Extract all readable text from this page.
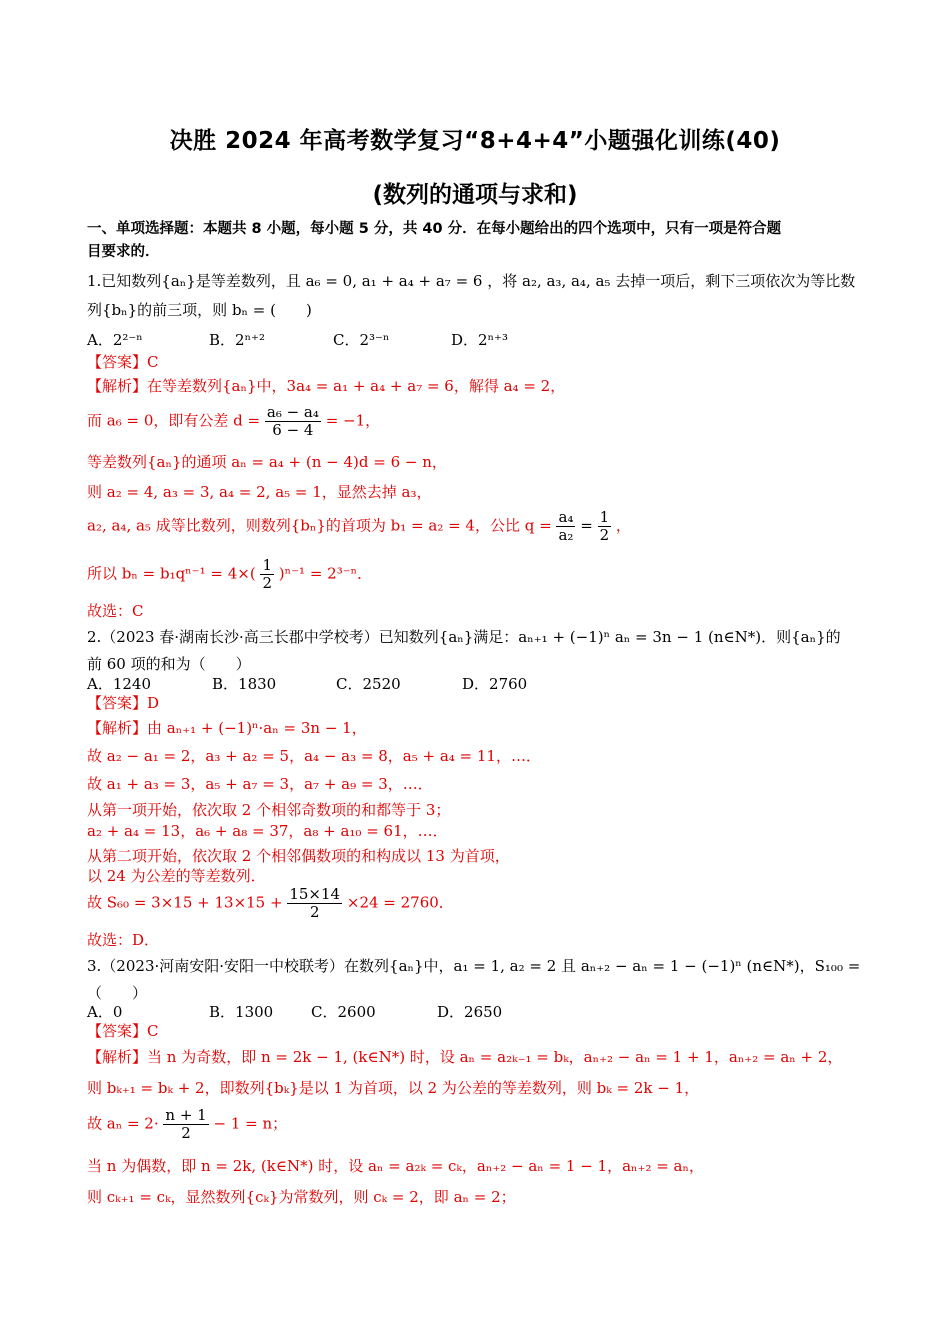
决胜 2024 年高考数学复习“8+4+4”小题强化训练(40)
(数列的通项与求和)
一、单项选择题：本题共 8 小题，每小题 5 分，共 40 分．在每小题给出的四个选项中，只有一项是符合题
目要求的．
1.已知数列{aₙ}是等差数列，且 a₆ = 0, a₁ + a₄ + a₇ = 6 ，将 a₂, a₃, a₄, a₅ 去掉一项后，剩下三项依次为等比数
列{bₙ}的前三项，则 bₙ = (　　)
A．2²⁻ⁿ	B．2ⁿ⁺²	C．2³⁻ⁿ	D．2ⁿ⁺³
【答案】C
【解析】在等差数列{aₙ}中，3a₄ = a₁ + a₄ + a₇ = 6，解得 a₄ = 2，
而 a₆ = 0，即有公差 $d = \frac{\text{a₆ − a₄}}{6 - 4} = -1$，
等差数列{aₙ}的通项 aₙ = a₄ + (n − 4)d = 6 − n，
则 a₂ = 4, a₃ = 3, a₄ = 2, a₅ = 1，显然去掉 a₃，
a₂, a₄, a₅ 成等比数列，则数列{bₙ}的首项为 b₁ = a₂ = 4，公比 $q = \frac{\text{a₄}}{\text{a₂}} = \frac{1}{2}$ ，
所以 $b_n = b_1q^{n-1} = 4\times( \frac{1}{2} )^{n-1} = 2^{3-n}$．
故选：C
2.（2023 春·湖南长沙·高三长郡中学校考）已知数列{aₙ}满足：aₙ₊₁ + (−1)ⁿ aₙ = 3n − 1 (n∈N*)．则{aₙ}的
前 60 项的和为（　　）
A．1240	B．1830	C．2520	D．2760
【答案】D
【解析】由 aₙ₊₁ + (−1)ⁿ·aₙ = 3n − 1，
故 a₂ − a₁ = 2，a₃ + a₂ = 5，a₄ − a₃ = 8，a₅ + a₄ = 11，…．
故 a₁ + a₃ = 3，a₅ + a₇ = 3，a₇ + a₉ = 3，…．
从第一项开始，依次取 2 个相邻奇数项的和都等于 3；
a₂ + a₄ = 13，a₆ + a₈ = 37，a₈ + a₁₀ = 61，…．
从第二项开始，依次取 2 个相邻偶数项的和构成以 13 为首项，
以 24 为公差的等差数列．
故 $S_{60} = 3\times 15 + 13\times 15 + \frac{15\times 14}{2} \times 24 = 2760$．
故选：D．
3.（2023·河南安阳·安阳一中校联考）在数列{aₙ}中，a₁ = 1, a₂ = 2 且 aₙ₊₂ − aₙ = 1 − (−1)ⁿ (n∈N*)，S₁₀₀ =
（　　）
A．0	B．1300	C．2600	D．2650
【答案】C
【解析】当 n 为奇数，即 n = 2k − 1, (k∈N*) 时，设 aₙ = a₂ₖ₋₁ = bₖ，aₙ₊₂ − aₙ = 1 + 1，aₙ₊₂ = aₙ + 2，
则 bₖ₊₁ = bₖ + 2，即数列{bₖ}是以 1 为首项，以 2 为公差的等差数列，则 bₖ = 2k − 1，
故 $a_n = 2\cdot \frac{n + 1}{2} - 1 = n$；
当 n 为偶数，即 n = 2k, (k∈N*) 时，设 aₙ = a₂ₖ = cₖ，aₙ₊₂ − aₙ = 1 − 1，aₙ₊₂ = aₙ，
则 cₖ₊₁ = cₖ，显然数列{cₖ}为常数列，则 cₖ = 2，即 aₙ = 2；
